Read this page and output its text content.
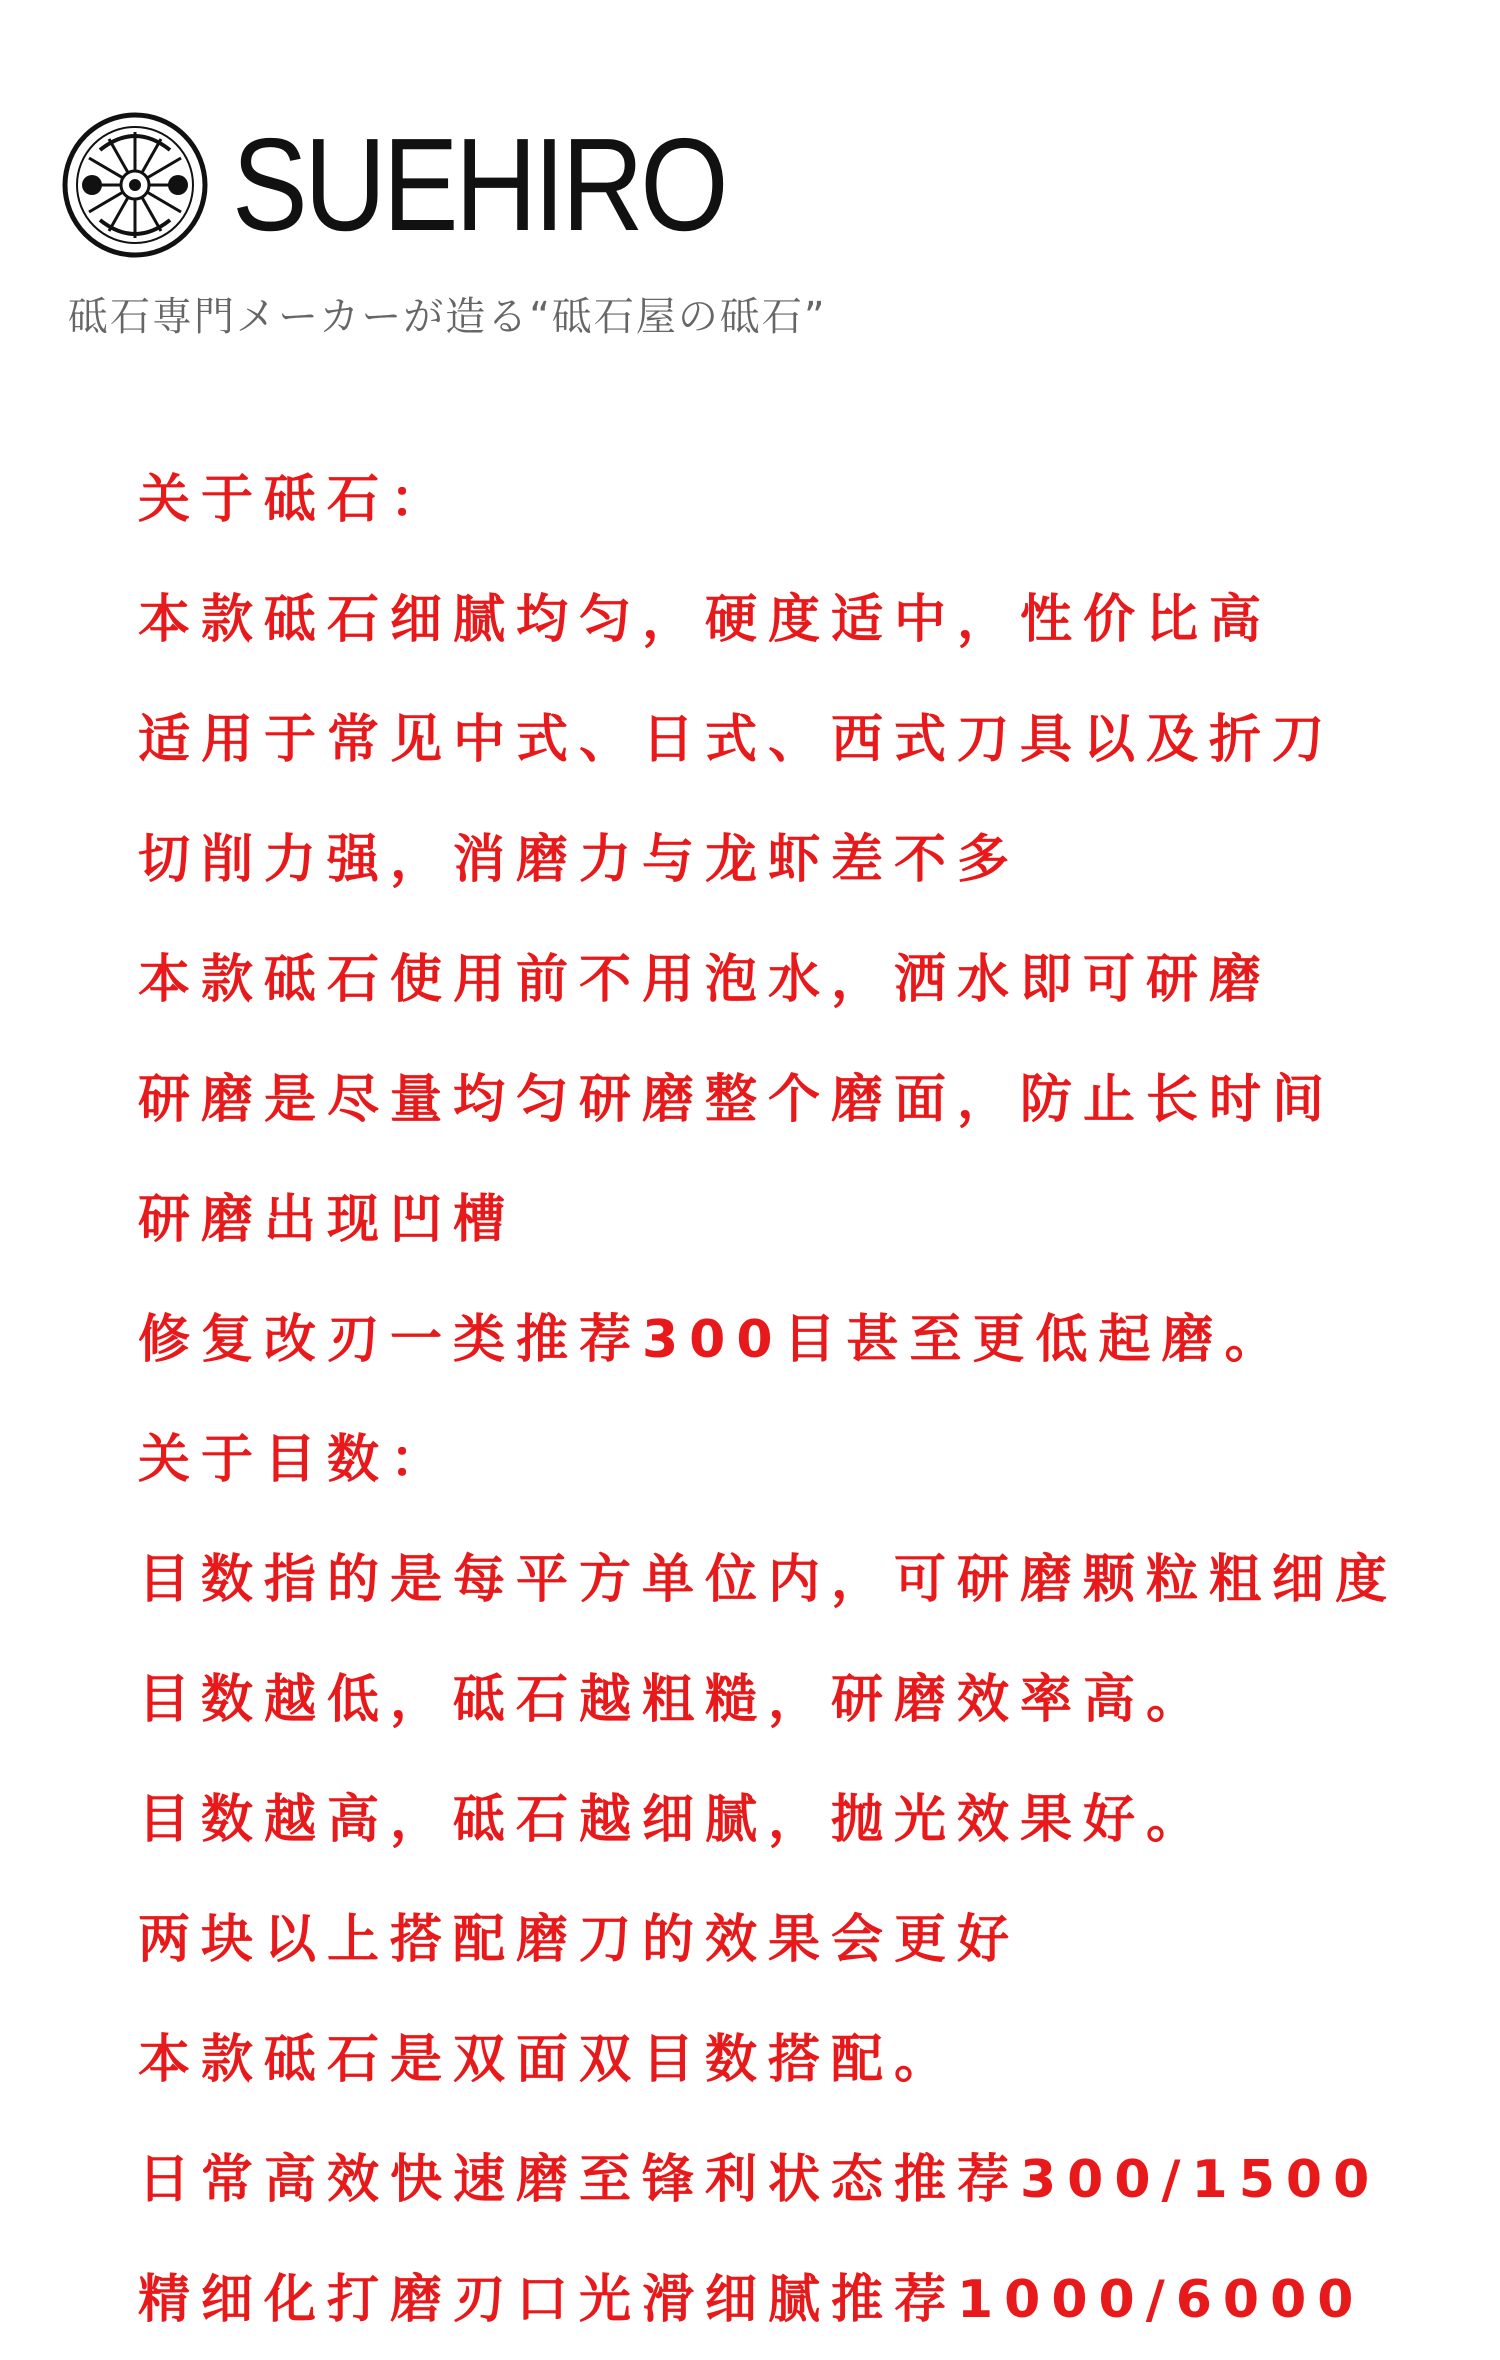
SUEHIRO
砥石専門メーカーが造る“砥石屋の砥石”
关于砥石：
本款砥石细腻均匀，硬度适中，性价比高
适用于常见中式、日式、西式刀具以及折刀
切削力强，消磨力与龙虾差不多
本款砥石使用前不用泡水，洒水即可研磨
研磨是尽量均匀研磨整个磨面，防止长时间
研磨出现凹槽
修复改刃一类推荐300目甚至更低起磨。
关于目数：
目数指的是每平方单位内，可研磨颗粒粗细度
目数越低，砥石越粗糙，研磨效率高。
目数越高，砥石越细腻，抛光效果好。
两块以上搭配磨刀的效果会更好
本款砥石是双面双目数搭配。
日常高效快速磨至锋利状态推荐300/1500
精细化打磨刃口光滑细腻推荐1000/6000
